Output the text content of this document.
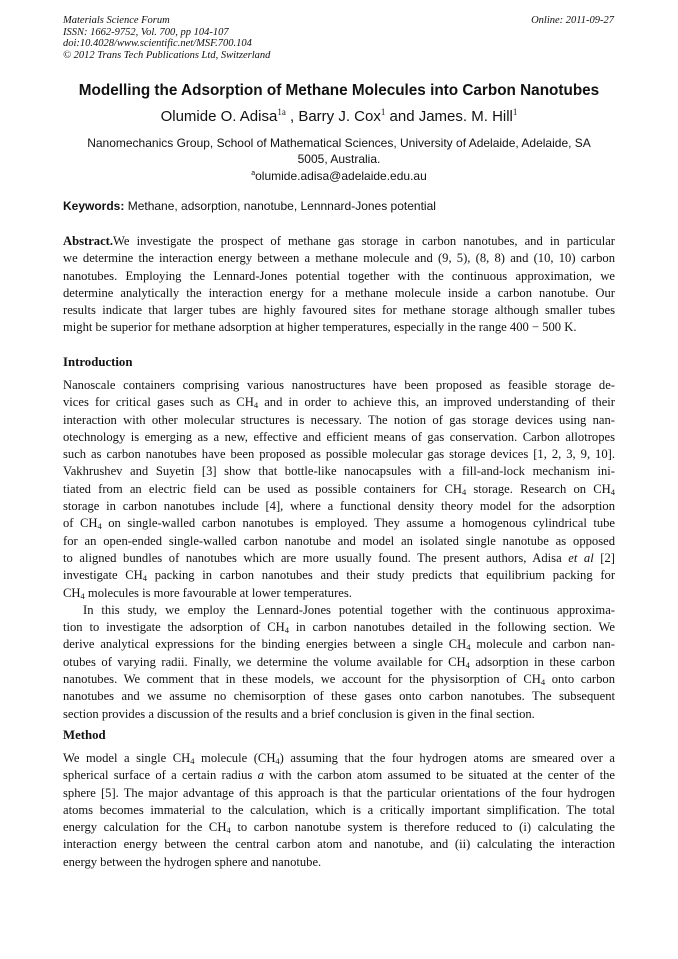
Materials Science Forum
ISSN: 1662-9752, Vol. 700, pp 104-107
doi:10.4028/www.scientific.net/MSF.700.104
© 2012 Trans Tech Publications Ltd, Switzerland
Online: 2011-09-27
Modelling the Adsorption of Methane Molecules into Carbon Nanotubes
Olumide O. Adisa$^{1a}$ , Barry J. Cox$^1$ and James. M. Hill$^1$
Nanomechanics Group, School of Mathematical Sciences, University of Adelaide, Adelaide, SA
5005, Australia.
$^a$olumide.adisa@adelaide.edu.au
Keywords: Methane, adsorption, nanotube, Lennnard-Jones potential
Abstract.We investigate the prospect of methane gas storage in carbon nanotubes, and in particular
we determine the interaction energy between a methane molecule and (9, 5), (8, 8) and (10, 10) carbon
nanotubes. Employing the Lennard-Jones potential together with the continuous approximation, we
determine analytically the interaction energy for a methane molecule inside a carbon nanotube. Our
results indicate that larger tubes are highly favoured sites for methane storage although smaller tubes
might be superior for methane adsorption at higher temperatures, especially in the range 400 − 500 K.
Introduction
Nanoscale containers comprising various nanostructures have been proposed as feasible storage de-
vices for critical gases such as $CH_4$ and in order to achieve this, an improved understanding of their
interaction with other molecular structures is necessary. The notion of gas storage devices using nan-
otechnology is emerging as a new, effective and efficient means of gas conservation. Carbon allotropes
such as carbon nanotubes have been proposed as possible molecular gas storage devices [1, 2, 3, 9, 10].
Vakhrushev and Suyetin [3] show that bottle-like nanocapsules with a fill-and-lock mechanism ini-
tiated from an electric field can be used as possible containers for $CH_4$ storage. Research on $CH_4$
storage in carbon nanotubes include [4], where a functional density theory model for the adsorption
of $CH_4$ on single-walled carbon nanotubes is employed. They assume a homogenous cylindrical tube
for an open-ended single-walled carbon nanotube and model an isolated single nanotube as opposed
to aligned bundles of nanotubes which are more usually found. The present authors, Adisa et al [2]
investigate $CH_4$ packing in carbon nanotubes and their study predicts that equilibrium packing for
$CH_4$ molecules is more favourable at lower temperatures.
In this study, we employ the Lennard-Jones potential together with the continuous approxima-
tion to investigate the adsorption of $CH_4$ in carbon nanotubes detailed in the following section. We
derive analytical expressions for the binding energies between a single $CH_4$ molecule and carbon nan-
otubes of varying radii. Finally, we determine the volume available for $CH_4$ adsorption in these carbon
nanotubes. We comment that in these models, we account for the physisorption of $CH_4$ onto carbon
nanotubes and we assume no chemisorption of these gases onto carbon nanotubes. The subsequent
section provides a discussion of the results and a brief conclusion is given in the final section.
Method
We model a single $CH_4$ molecule $(CH_4)$ assuming that the four hydrogen atoms are smeared over a
spherical surface of a certain radius a with the carbon atom assumed to be situated at the center of the
sphere [5]. The major advantage of this approach is that the particular orientations of the four hydrogen
atoms becomes immaterial to the calculation, which is a critically important simplification. The total
energy calculation for the $CH_4$ to carbon nanotube system is therefore reduced to (i) calculating the
interaction energy between the central carbon atom and nanotube, and (ii) calculating the interaction
energy between the hydrogen sphere and nanotube.
